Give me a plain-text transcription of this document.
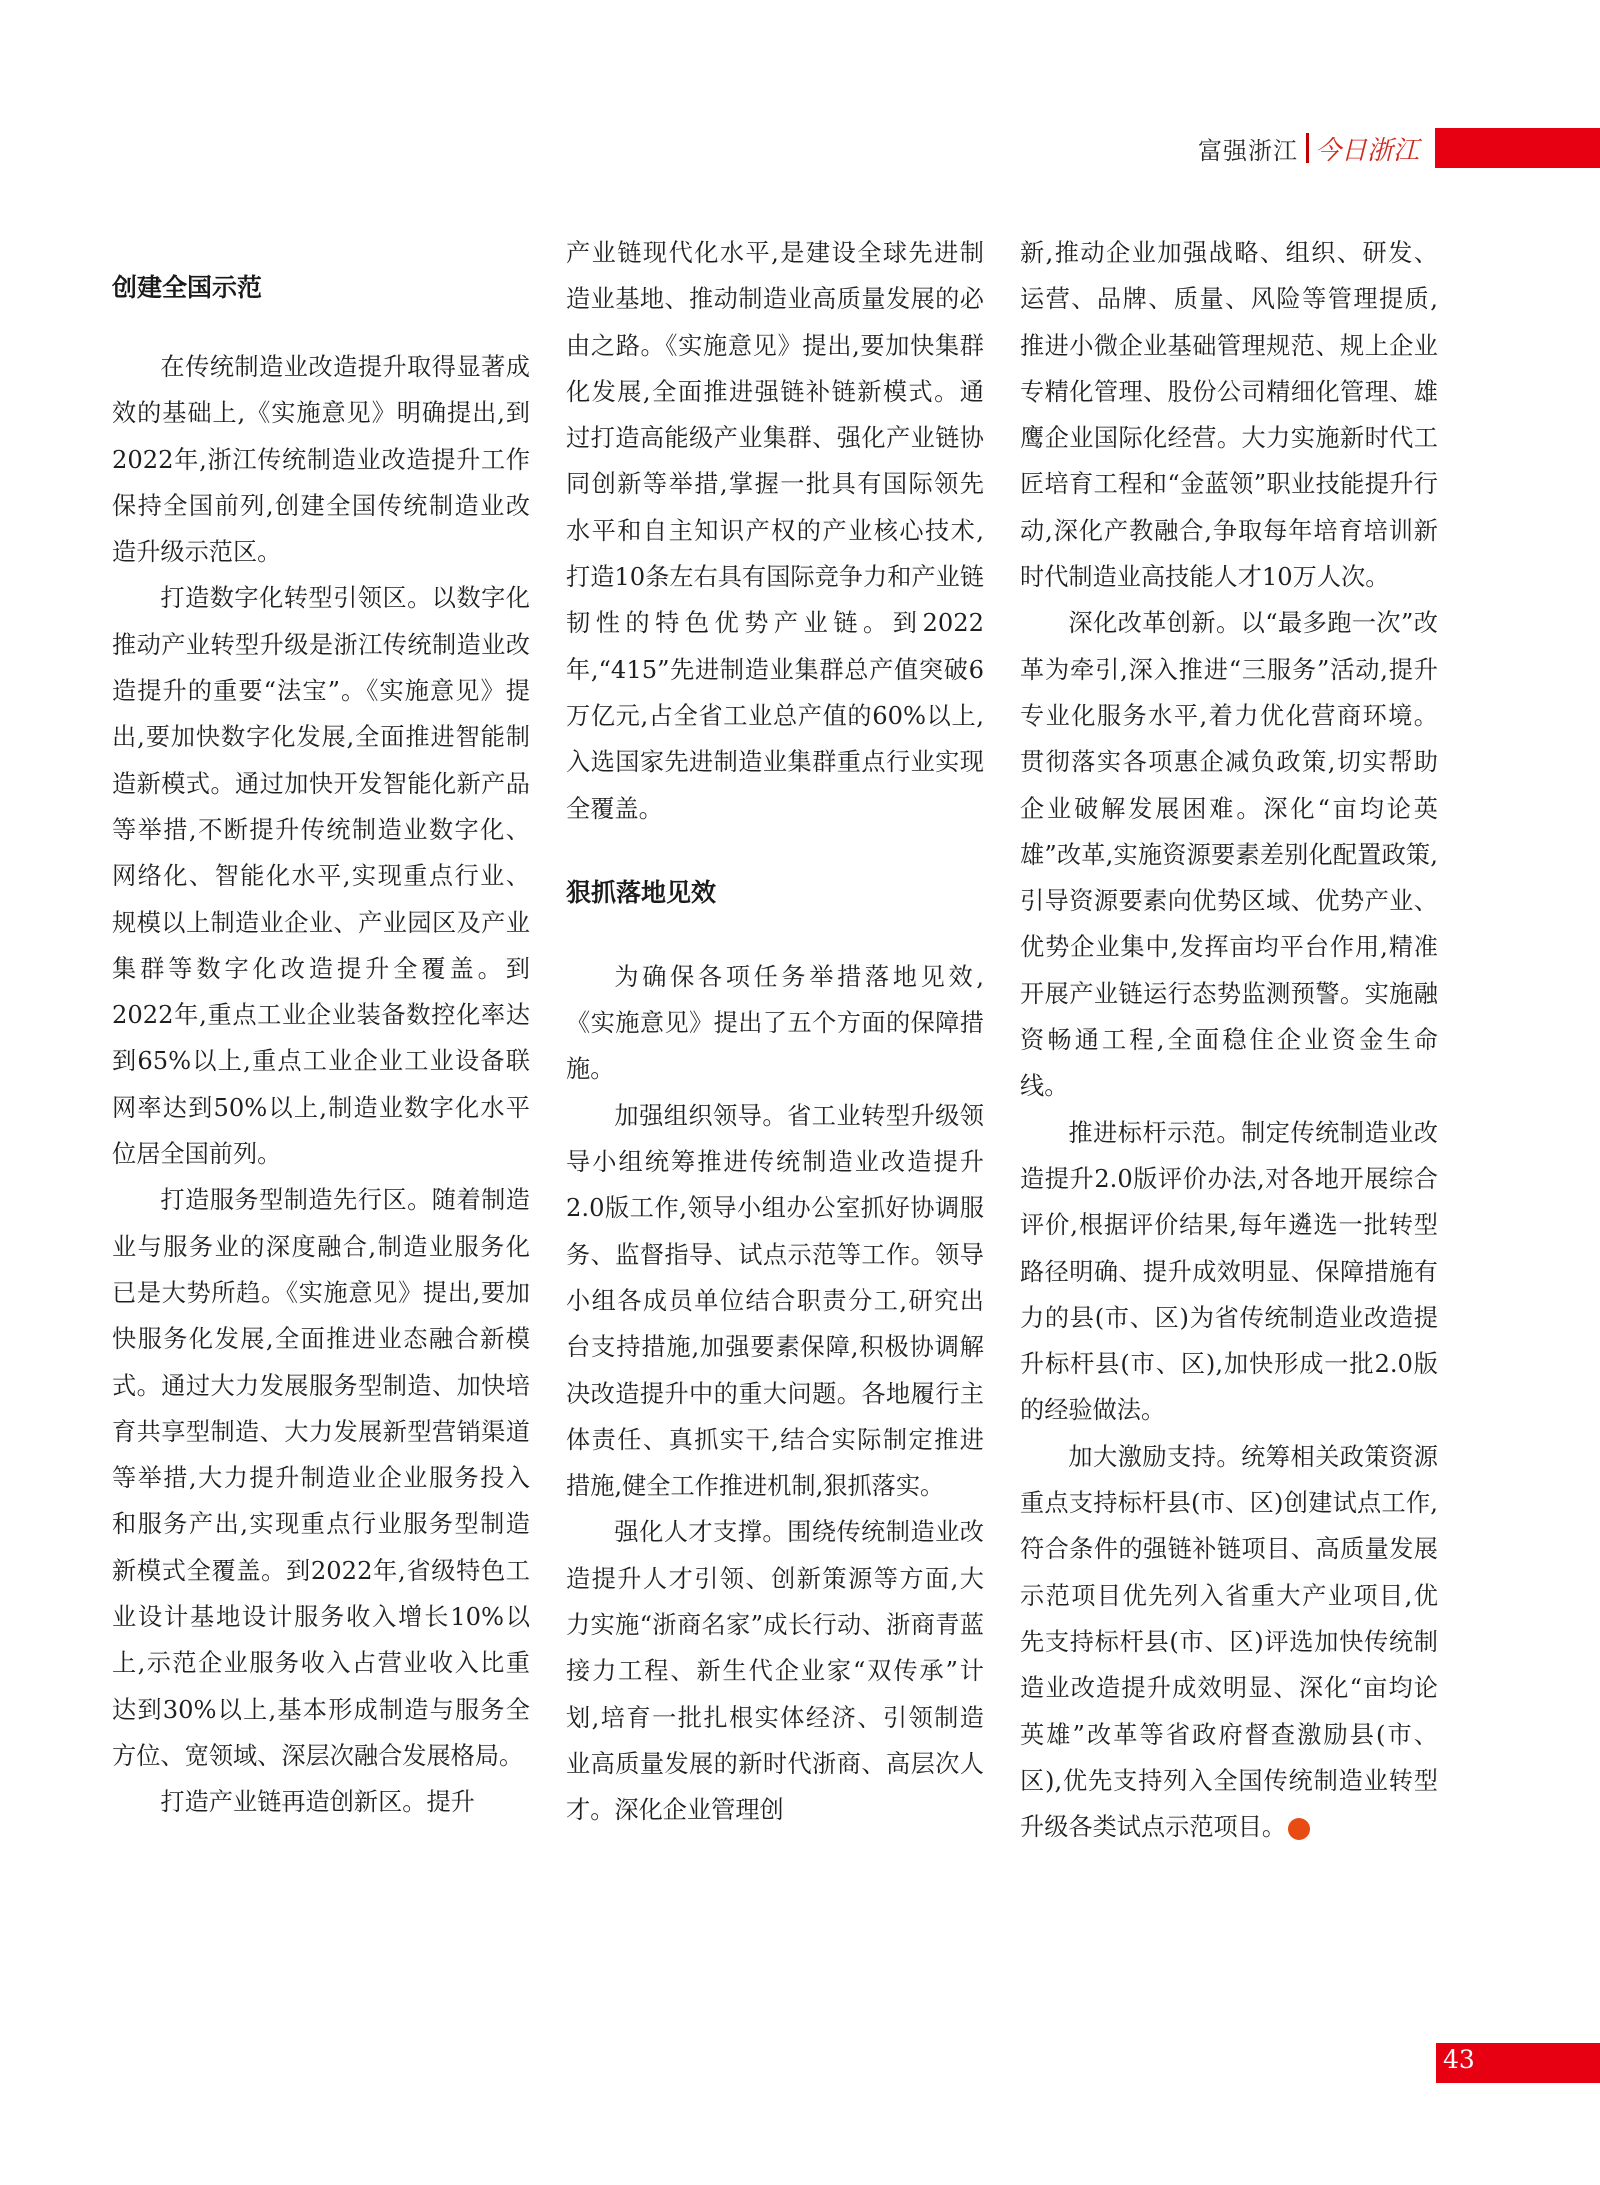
富强浙江 今日浙江
创建全国示范

在传统制造业改造提升取得显著成效的基础上,《实施意见》明确提出,到2022年,浙江传统制造业改造提升工作保持全国前列,创建全国传统制造业改造升级示范区。

打造数字化转型引领区。以数字化推动产业转型升级是浙江传统制造业改造提升的重要“法宝”。《实施意见》提出,要加快数字化发展,全面推进智能制造新模式。通过加快开发智能化新产品等举措,不断提升传统制造业数字化、网络化、智能化水平,实现重点行业、规模以上制造业企业、产业园区及产业集群等数字化改造提升全覆盖。到2022年,重点工业企业装备数控化率达到65%以上,重点工业企业工业设备联网率达到50%以上,制造业数字化水平位居全国前列。

打造服务型制造先行区。随着制造业与服务业的深度融合,制造业服务化已是大势所趋。《实施意见》提出,要加快服务化发展,全面推进业态融合新模式。通过大力发展服务型制造、加快培育共享型制造、大力发展新型营销渠道等举措,大力提升制造业企业服务投入和服务产出,实现重点行业服务型制造新模式全覆盖。到2022年,省级特色工业设计基地设计服务收入增长10%以上,示范企业服务收入占营业收入比重达到30%以上,基本形成制造与服务全方位、宽领域、深层次融合发展格局。

打造产业链再造创新区。提升

产业链现代化水平,是建设全球先进制造业基地、推动制造业高质量发展的必由之路。《实施意见》提出,要加快集群化发展,全面推进强链补链新模式。通过打造高能级产业集群、强化产业链协同创新等举措,掌握一批具有国际领先水平和自主知识产权的产业核心技术,打造10条左右具有国际竞争力和产业链韧性的特色优势产业链。到2022年,“415”先进制造业集群总产值突破6万亿元,占全省工业总产值的60%以上,入选国家先进制造业集群重点行业实现全覆盖。

狠抓落地见效

为确保各项任务举措落地见效,《实施意见》提出了五个方面的保障措施。

加强组织领导。省工业转型升级领导小组统筹推进传统制造业改造提升2.0版工作,领导小组办公室抓好协调服务、监督指导、试点示范等工作。领导小组各成员单位结合职责分工,研究出台支持措施,加强要素保障,积极协调解决改造提升中的重大问题。各地履行主体责任、真抓实干,结合实际制定推进措施,健全工作推进机制,狠抓落实。

强化人才支撑。围绕传统制造业改造提升人才引领、创新策源等方面,大力实施“浙商名家”成长行动、浙商青蓝接力工程、新生代企业家“双传承”计划,培育一批扎根实体经济、引领制造业高质量发展的新时代浙商、高层次人才。深化企业管理创

新,推动企业加强战略、组织、研发、运营、品牌、质量、风险等管理提质,推进小微企业基础管理规范、规上企业专精化管理、股份公司精细化管理、雄鹰企业国际化经营。大力实施新时代工匠培育工程和“金蓝领”职业技能提升行动,深化产教融合,争取每年培育培训新时代制造业高技能人才10万人次。

深化改革创新。以“最多跑一次”改革为牵引,深入推进“三服务”活动,提升专业化服务水平,着力优化营商环境。贯彻落实各项惠企减负政策,切实帮助企业破解发展困难。深化“亩均论英雄”改革,实施资源要素差别化配置政策,引导资源要素向优势区域、优势产业、优势企业集中,发挥亩均平台作用,精准开展产业链运行态势监测预警。实施融资畅通工程,全面稳住企业资金生命线。

推进标杆示范。制定传统制造业改造提升2.0版评价办法,对各地开展综合评价,根据评价结果,每年遴选一批转型路径明确、提升成效明显、保障措施有力的县(市、区)为省传统制造业改造提升标杆县(市、区),加快形成一批2.0版的经验做法。

加大激励支持。统筹相关政策资源重点支持标杆县(市、区)创建试点工作,符合条件的强链补链项目、高质量发展示范项目优先列入省重大产业项目,优先支持标杆县(市、区)评选加快传统制造业改造提升成效明显、深化“亩均论英雄”改革等省政府督查激励县(市、区),优先支持列入全国传统制造业转型升级各类试点示范项目。	今

43
